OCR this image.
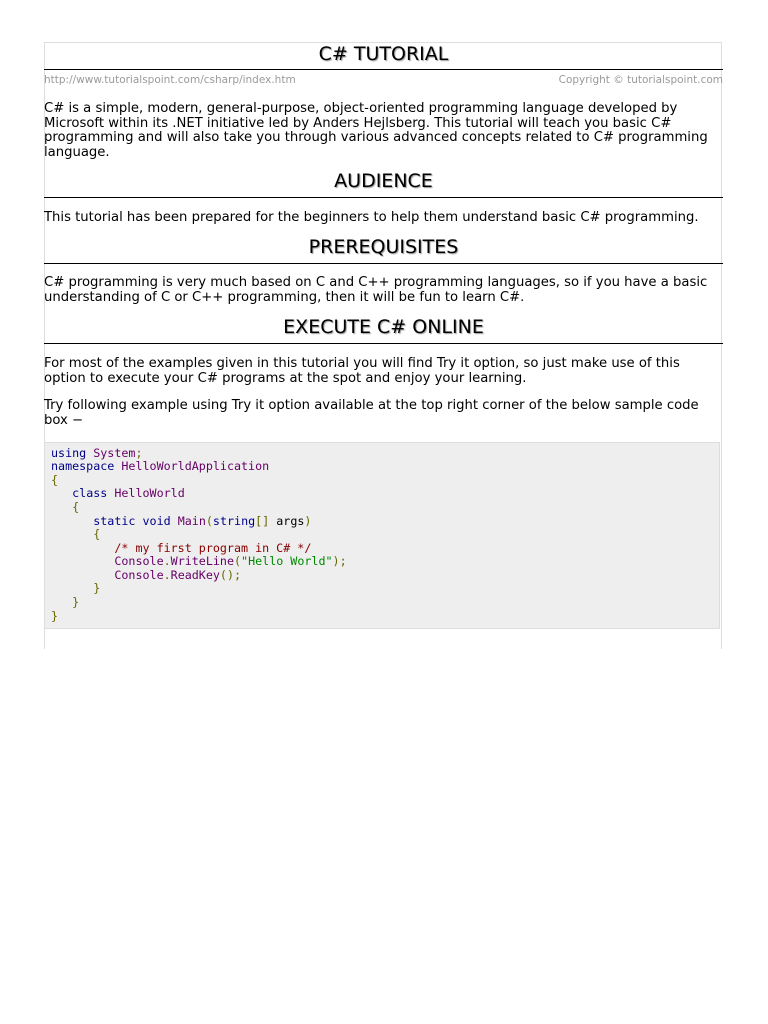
C# TUTORIAL
http://www.tutorialspoint.com/csharp/index.htm	Copyright © tutorialspoint.com

C# is a simple, modern, general-purpose, object-oriented programming language developed by Microsoft within its .NET initiative led by Anders Hejlsberg. This tutorial will teach you basic C# programming and will also take you through various advanced concepts related to C# programming language.

AUDIENCE

This tutorial has been prepared for the beginners to help them understand basic C# programming.

PREREQUISITES

C# programming is very much based on C and C++ programming languages, so if you have a basic understanding of C or C++ programming, then it will be fun to learn C#.

EXECUTE C# ONLINE

For most of the examples given in this tutorial you will find Try it option, so just make use of this option to execute your C# programs at the spot and enjoy your learning.

Try following example using Try it option available at the top right corner of the below sample code box −

using System;
namespace HelloWorldApplication
{
class HelloWorld
{
static void Main(string[] args)
{
/* my first program in C# */
Console.WriteLine("Hello World");
Console.ReadKey();
}
}
}
